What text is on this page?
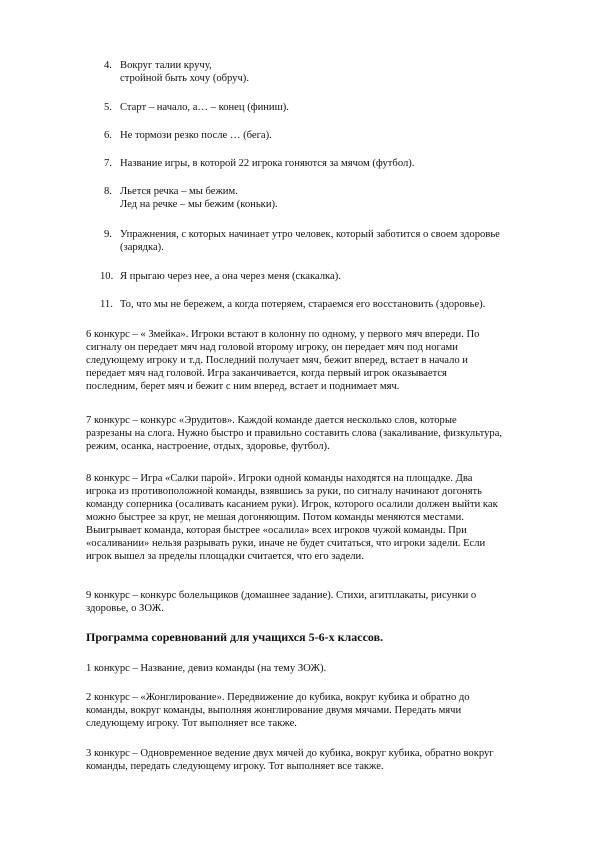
4. Вокруг талии кручу,
стройной быть хочу (обруч).
5. Старт – начало, а… – конец (финиш).
6. Не тормози резко после … (бега).
7. Название игры, в которой 22 игрока гоняются за мячом (футбол).
8. Льется речка – мы бежим.
Лед на речке – мы бежим (коньки).
9. Упражнения, с которых начинает утро человек, который заботится о своем здоровье
(зарядка).
10. Я прыгаю через нее, а она через меня (скакалка).
11. То, что мы не бережем, а когда потеряем, стараемся его восстановить (здоровье).
6 конкурс – « Змейка». Игроки встают в колонну по одному, у первого мяч впереди. По
сигналу он передает мяч над головой второму игроку, он передает мяч под ногами
следующему игроку и т.д. Последний получает мяч, бежит вперед, встает в начало и
передает мяч над головой. Игра заканчивается, когда первый игрок оказывается
последним, берет мяч и бежит с ним вперед, встает и поднимает мяч.
7 конкурс – конкурс «Эрудитов». Каждой команде дается несколько слов, которые
разрезаны на слога. Нужно быстро и правильно составить слова (закаливание, физкультура,
режим, осанка, настроение, отдых, здоровье, футбол).
8 конкурс – Игра «Салки парой». Игроки одной команды находятся на площадке. Два
игрока из противоположной команды, взявшись за руки, по сигналу начинают догонять
команду соперника (осаливать касанием руки). Игрок, которого осалили должен выйти как
можно быстрее за круг, не мешая догоняющим. Потом команды меняются местами.
Выигрывает команда, которая быстрее «осалила» всех игроков чужой команды. При
«осаливании» нельзя разрывать руки, иначе не будет считаться, что игроки задели. Если
игрок вышел за пределы площадки считается, что его задели.
9 конкурс – конкурс болельщиков (домашнее задание). Стихи, агитплакаты, рисунки о
здоровье, о ЗОЖ.
Программа соревнований для учащихся 5-6-х классов.
1 конкурс – Название, девиз команды (на тему ЗОЖ).
2 конкурс – «Жонглирование». Передвижение до кубика, вокруг кубика и обратно до
команды, вокруг команды, выполняя жонглирование двумя мячами. Передать мячи
следующему игроку. Тот выполняет все также.
3 конкурс – Одновременное ведение двух мячей до кубика, вокруг кубика, обратно вокруг
команды, передать следующему игроку. Тот выполняет все также.
